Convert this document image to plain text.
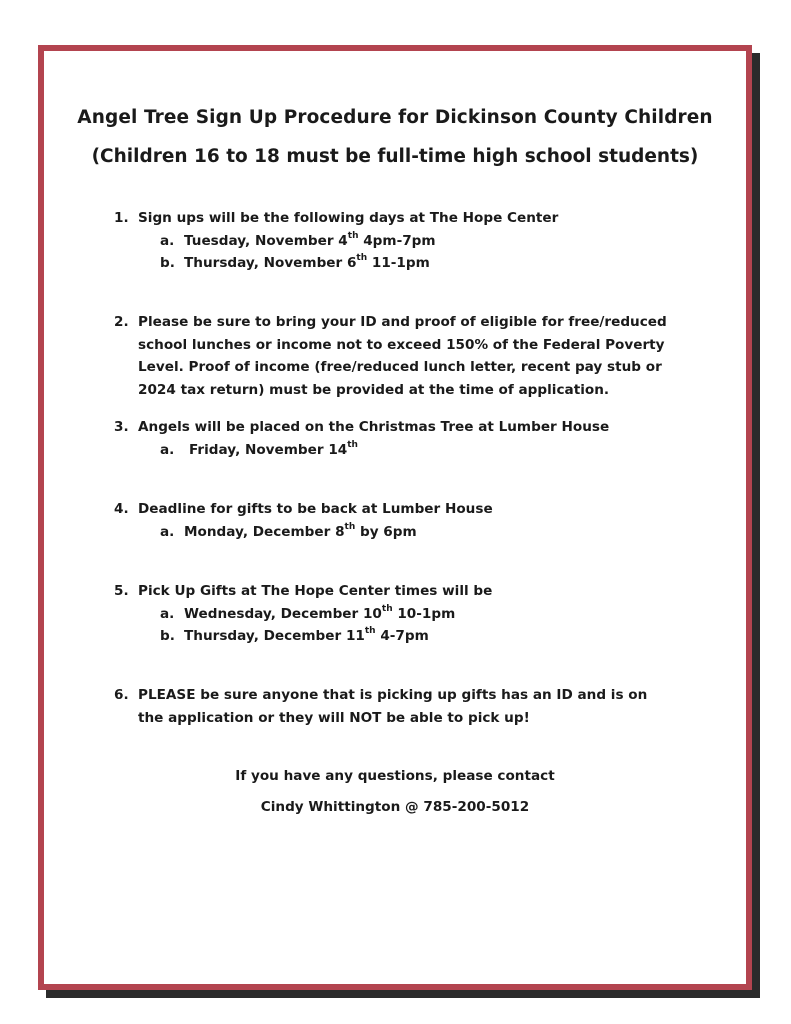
Angel Tree Sign Up Procedure for Dickinson County Children
(Children 16 to 18 must be full-time high school students)
1. Sign ups will be the following days at The Hope Center
a. Tuesday, November 4th 4pm-7pm
b. Thursday, November 6th 11-1pm
2. Please be sure to bring your ID and proof of eligible for free/reduced school lunches or income not to exceed 150% of the Federal Poverty Level. Proof of income (free/reduced lunch letter, recent pay stub or 2024 tax return) must be provided at the time of application.
3. Angels will be placed on the Christmas Tree at Lumber House
a. Friday, November 14th
4. Deadline for gifts to be back at Lumber House
a. Monday, December 8th by 6pm
5. Pick Up Gifts at The Hope Center times will be
a. Wednesday, December 10th 10-1pm
b. Thursday, December 11th 4-7pm
6. PLEASE be sure anyone that is picking up gifts has an ID and is on the application or they will NOT be able to pick up!
If you have any questions, please contact
Cindy Whittington @ 785-200-5012
